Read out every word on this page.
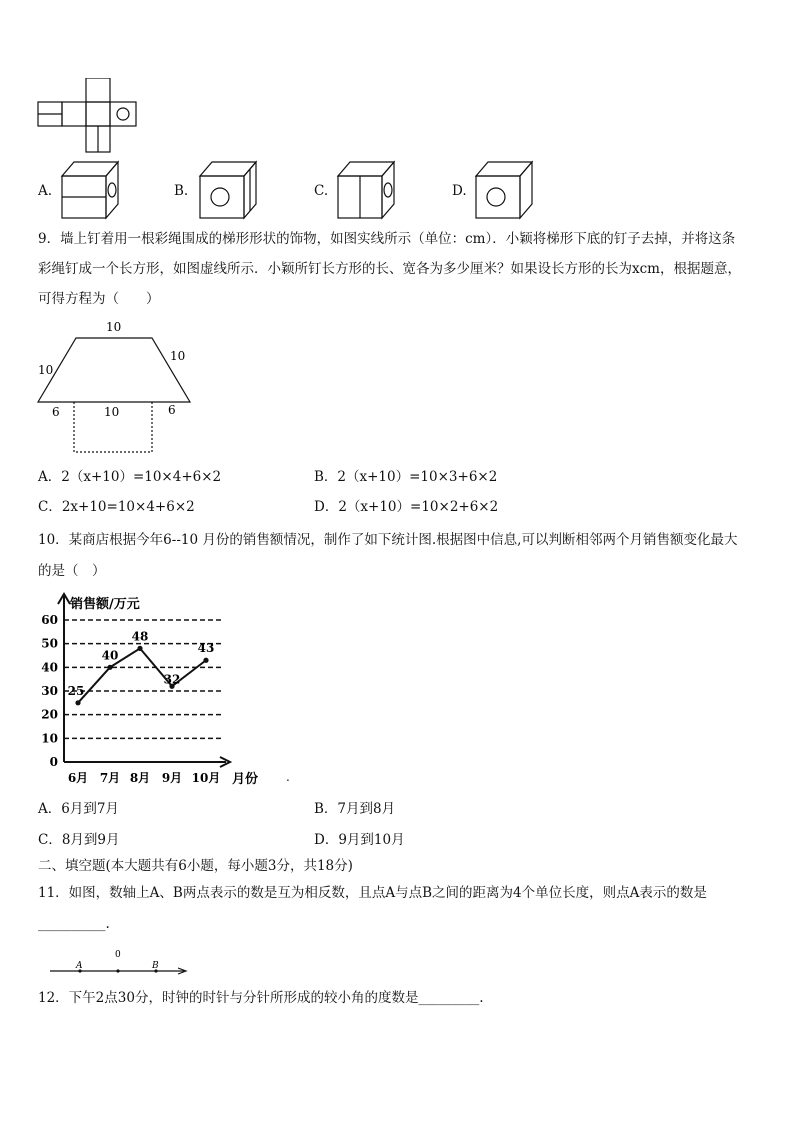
A.	B.	C.	D.
9．墙上钉着用一根彩绳围成的梯形形状的饰物，如图实线所示（单位：cm）．小颖将梯形下底的钉子去掉，并将这条
彩绳钉成一个长方形，如图虚线所示．小颖所钉长方形的长、宽各为多少厘米？如果设长方形的长为xcm，根据题意，
可得方程为（　　）
10
10
10
6	10	6
A．2（x+10）=10×4+6×2	B．2（x+10）=10×3+6×2
C．2x+10=10×4+6×2	D．2（x+10）=10×2+6×2
10．某商店根据今年6--10 月份的销售额情况，制作了如下统计图.根据图中信息,可以判断相邻两个月销售额变化最大
的是（　）
销售额/万元
月份
0
10
20
30
40
50
60
6月 7月 8月 9月 10月
25
40
48
32
43
.
A．6月到7月	B．7月到8月
C．8月到9月	D．9月到10月
二、填空题(本大题共有6小题，每小题3分，共18分)
11．如图，数轴上A、B两点表示的数是互为相反数，且点A与点B之间的距离为4个单位长度，则点A表示的数是
__________.
A
0
B
12．下午2点30分，时钟的时针与分针所形成的较小角的度数是_________.
